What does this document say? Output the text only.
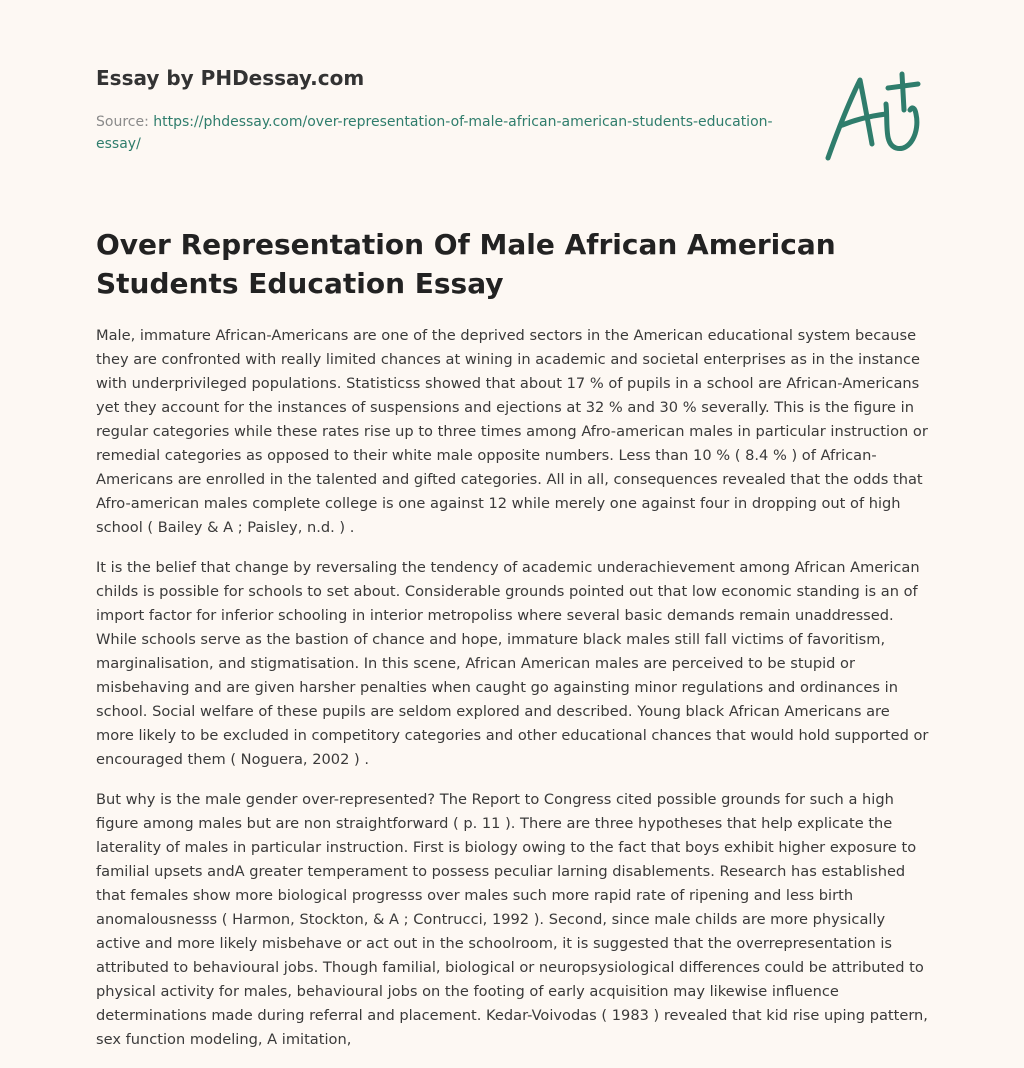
Essay by PHDessay.com
Source: https://phdessay.com/over-representation-of-male-african-american-students-education-essay/
Over Representation Of Male African American Students Education Essay

Male, immature African-Americans are one of the deprived sectors in the American educational system because they are confronted with really limited chances at wining in academic and societal enterprises as in the instance with underprivileged populations. Statisticss showed that about 17 % of pupils in a school are African-Americans yet they account for the instances of suspensions and ejections at 32 % and 30 % severally. This is the figure in regular categories while these rates rise up to three times among Afro-american males in particular instruction or remedial categories as opposed to their white male opposite numbers. Less than 10 % ( 8.4 % ) of African-Americans are enrolled in the talented and gifted categories. All in all, consequences revealed that the odds that Afro-american males complete college is one against 12 while merely one against four in dropping out of high school ( Bailey & A ; Paisley, n.d. ) .

It is the belief that change by reversaling the tendency of academic underachievement among African American childs is possible for schools to set about. Considerable grounds pointed out that low economic standing is an of import factor for inferior schooling in interior metropoliss where several basic demands remain unaddressed. While schools serve as the bastion of chance and hope, immature black males still fall victims of favoritism, marginalisation, and stigmatisation. In this scene, African American males are perceived to be stupid or misbehaving and are given harsher penalties when caught go againsting minor regulations and ordinances in school. Social welfare of these pupils are seldom explored and described. Young black African Americans are more likely to be excluded in competitory categories and other educational chances that would hold supported or encouraged them ( Noguera, 2002 ) .

But why is the male gender over-represented? The Report to Congress cited possible grounds for such a high figure among males but are non straightforward ( p. 11 ). There are three hypotheses that help explicate the laterality of males in particular instruction. First is biology owing to the fact that boys exhibit higher exposure to familial upsets andA greater temperament to possess peculiar larning disablements. Research has established that females show more biological progresss over males such more rapid rate of ripening and less birth anomalousnesss ( Harmon, Stockton, & A ; Contrucci, 1992 ). Second, since male childs are more physically active and more likely misbehave or act out in the schoolroom, it is suggested that the overrepresentation is attributed to behavioural jobs. Though familial, biological or neuropsysiological differences could be attributed to physical activity for males, behavioural jobs on the footing of early acquisition may likewise influence determinations made during referral and placement. Kedar-Voivodas ( 1983 ) revealed that kid rise uping pattern, sex function modeling, A imitation,
